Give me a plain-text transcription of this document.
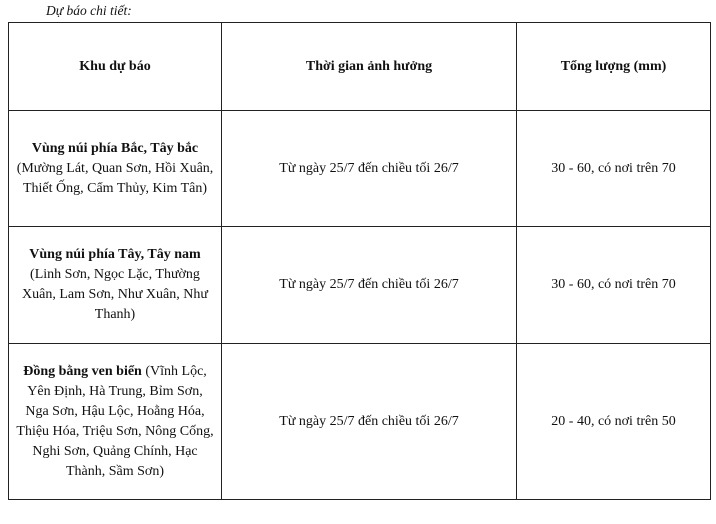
Dự báo chi tiết:
Khu dự báo	Thời gian ảnh hưởng	Tổng lượng (mm)
Vùng núi phía Bắc, Tây bắc (Mường Lát, Quan Sơn, Hồi Xuân, Thiết Ống, Cẩm Thủy, Kim Tân)	Từ ngày 25/7 đến chiều tối 26/7	30 - 60, có nơi trên 70
Vùng núi phía Tây, Tây nam (Linh Sơn, Ngọc Lặc, Thường Xuân, Lam Sơn, Như Xuân, Như Thanh)	Từ ngày 25/7 đến chiều tối 26/7	30 - 60, có nơi trên 70
Đồng bằng ven biển (Vĩnh Lộc, Yên Định, Hà Trung, Bỉm Sơn, Nga Sơn, Hậu Lộc, Hoằng Hóa, Thiệu Hóa, Triệu Sơn, Nông Cống, Nghi Sơn, Quảng Chính, Hạc Thành, Sầm Sơn)	Từ ngày 25/7 đến chiều tối 26/7	20 - 40, có nơi trên 50
